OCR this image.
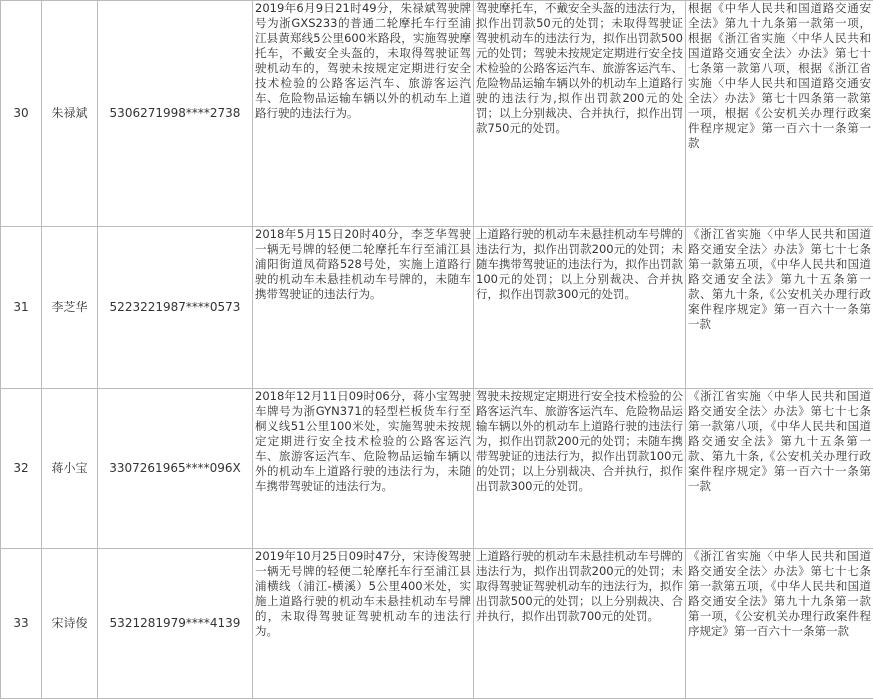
30	朱禄斌	5306271998****2738	2019年6月9日21时49分，朱禄斌驾驶牌号为浙GXS233的普通二轮摩托车行至浦江县黄郑线5公里600米路段，实施驾驶摩托车，不戴安全头盔的，未取得驾驶证驾驶机动车的，驾驶未按规定定期进行安全技术检验的公路客运汽车、旅游客运汽车、危险物品运输车辆以外的机动车上道路行驶的违法行为。	驾驶摩托车，不戴安全头盔的违法行为，拟作出罚款50元的处罚；未取得驾驶证驾驶机动车的违法行为，拟作出罚款500元的处罚；驾驶未按规定定期进行安全技术检验的公路客运汽车、旅游客运汽车、危险物品运输车辆以外的机动车上道路行驶的违法行为,拟作出罚款200元的处罚；以上分别裁决、合并执行，拟作出罚款750元的处罚。	根据《中华人民共和国道路交通安全法》第九十九条第一款第一项，根据《浙江省实施〈中华人民共和国道路交通安全法〉办法》第七十七条第一款第八项，根据《浙江省实施〈中华人民共和国道路交通安全法〉办法》第七十四条第一款第一项，根据《公安机关办理行政案件程序规定》第一百六十一条第一款
31	李芝华	5223221987****0573	2018年5月15日20时40分，李芝华驾驶一辆无号牌的轻便二轮摩托车行至浦江县浦阳街道凤荷路528号处，实施上道路行驶的机动车未悬挂机动车号牌的，未随车携带驾驶证的违法行为。	上道路行驶的机动车未悬挂机动车号牌的违法行为，拟作出罚款200元的处罚；未随车携带驾驶证的违法行为，拟作出罚款100元的处罚；以上分别裁决、合并执行，拟作出罚款300元的处罚。	《浙江省实施〈中华人民共和国道路交通安全法〉办法》第七十七条第一款第五项，《中华人民共和国道路交通安全法》第九十五条第一款、第九十条,《公安机关办理行政案件程序规定》第一百六十一条第一款
32	蒋小宝	3307261965****096X	2018年12月11日09时06分，蒋小宝驾驶车牌号为浙GYN371的轻型栏板货车行至桐义线51公里100米处，实施驾驶未按规定定期进行安全技术检验的公路客运汽车、旅游客运汽车、危险物品运输车辆以外的机动车上道路行驶的违法行为，未随车携带驾驶证的违法行为。	驾驶未按规定定期进行安全技术检验的公路客运汽车、旅游客运汽车、危险物品运输车辆以外的机动车上道路行驶的违法行为，拟作出罚款200元的处罚；未随车携带驾驶证的违法行为，拟作出罚款100元的处罚；以上分别裁决、合并执行，拟作出罚款300元的处罚。	《浙江省实施〈中华人民共和国道路交通安全法〉办法》第七十七条第一款第八项，《中华人民共和国道路交通安全法》第九十五条第一款、第九十条,《公安机关办理行政案件程序规定》第一百六十一条第一款
33	宋诗俊	5321281979****4139	2019年10月25日09时47分，宋诗俊驾驶一辆无号牌的轻便二轮摩托车行至浦江县浦横线（浦江-横溪）5公里400米处，实施上道路行驶的机动车未悬挂机动车号牌的，未取得驾驶证驾驶机动车的违法行为。	上道路行驶的机动车未悬挂机动车号牌的违法行为，拟作出罚款200元的处罚；未取得驾驶证驾驶机动车的违法行为，拟作出罚款500元的处罚；以上分别裁决、合并执行，拟作出罚款700元的处罚。	《浙江省实施〈中华人民共和国道路交通安全法〉办法》第七十七条第一款第五项，《中华人民共和国道路交通安全法》第九十九条第一款第一项，《公安机关办理行政案件程序规定》第一百六十一条第一款
